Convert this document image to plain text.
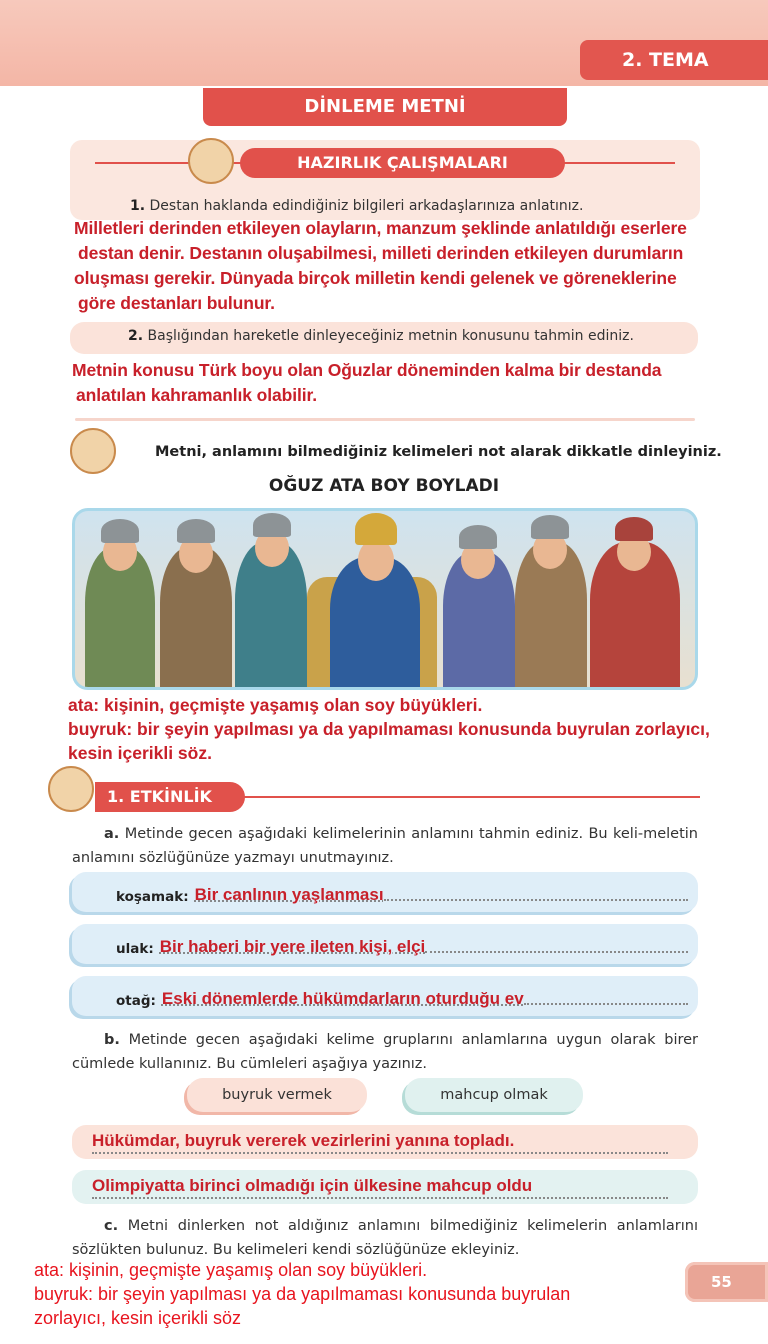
2. TEMA
DİNLEME METNİ
HAZIRLIK ÇALIŞMALARI
1. Destan haklanda edindiğiniz bilgileri arkadaşlarınıza anlatınız.
Milletleri derinden etkileyen olayların, manzum şeklinde anlatıldığı eserlere
destan denir. Destanın oluşabilmesi, milleti derinden etkileyen durumların
oluşması gerekir. Dünyada birçok milletin kendi gelenek ve göreneklerine
göre destanları bulunur.
2. Başlığından hareketle dinleyeceğiniz metnin konusunu tahmin ediniz.
Metnin konusu Türk boyu olan Oğuzlar döneminden kalma bir destanda
anlatılan kahramanlık olabilir.
Metni, anlamını bilmediğiniz kelimeleri not alarak dikkatle dinleyiniz.
OĞUZ ATA BOY BOYLADI
ata: kişinin, geçmişte yaşamış olan soy büyükleri.
buyruk: bir şeyin yapılması ya da yapılmaması konusunda buyrulan zorlayıcı,
kesin içerikli söz.
1. ETKİNLİK
a. Metinde gecen aşağıdaki kelimelerinin anlamını tahmin ediniz. Bu keli-meletin anlamını sözlüğünüze yazmayı unutmayınız.
koşamak: Bir canlının yaşlanması
ulak: Bir haberi bir yere ileten kişi, elçi
otağ: Eski dönemlerde hükümdarların oturduğu ev
b. Metinde gecen aşağıdaki kelime gruplarını anlamlarına uygun olarak birer cümlede kullanınız. Bu cümleleri aşağıya yazınız.
buyruk vermek	mahcup olmak
Hükümdar, buyruk vererek vezirlerini yanına topladı.
Olimpiyatta birinci olmadığı için ülkesine mahcup oldu
c. Metni dinlerken not aldığınız anlamını bilmediğiniz kelimelerin anlamlarını sözlükten bulunuz. Bu kelimeleri kendi sözlüğünüze ekleyiniz.
ata: kişinin, geçmişte yaşamış olan soy büyükleri.
buyruk: bir şeyin yapılması ya da yapılmaması konusunda buyrulan
zorlayıcı, kesin içerikli söz
55
